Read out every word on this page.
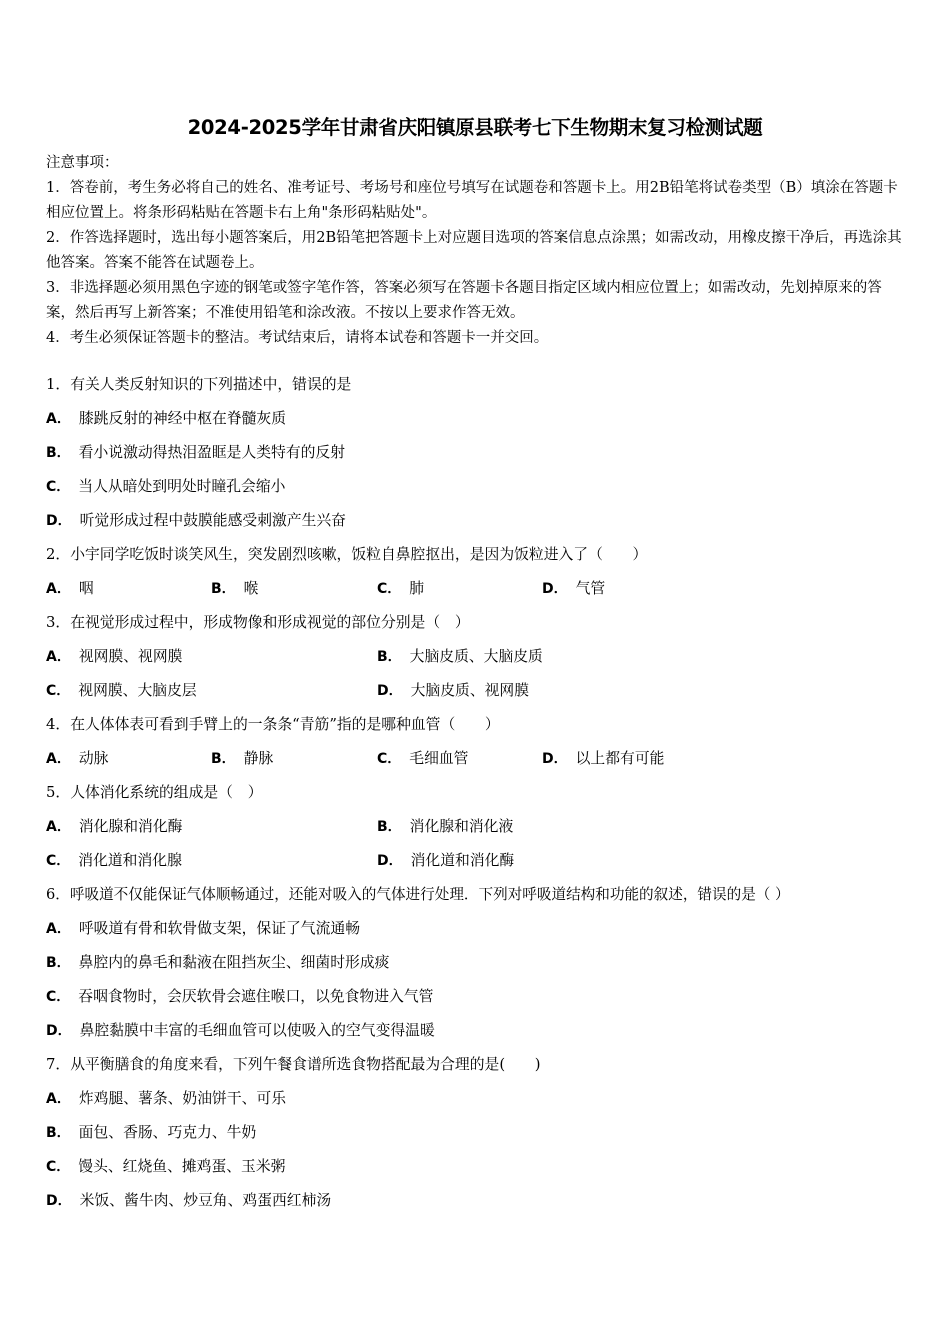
2024-2025学年甘肃省庆阳镇原县联考七下生物期末复习检测试题

注意事项：

1．答卷前，考生务必将自己的姓名、准考证号、考场号和座位号填写在试题卷和答题卡上。用2B铅笔将试卷类型（B）填涂在答题卡相应位置上。将条形码粘贴在答题卡右上角"条形码粘贴处"。

2．作答选择题时，选出每小题答案后，用2B铅笔把答题卡上对应题目选项的答案信息点涂黑；如需改动，用橡皮擦干净后，再选涂其他答案。答案不能答在试题卷上。

3．非选择题必须用黑色字迹的钢笔或签字笔作答，答案必须写在答题卡各题目指定区域内相应位置上；如需改动，先划掉原来的答案，然后再写上新答案；不准使用铅笔和涂改液。不按以上要求作答无效。

4．考生必须保证答题卡的整洁。考试结束后，请将本试卷和答题卡一并交回。

1．有关人类反射知识的下列描述中，错误的是
A． 膝跳反射的神经中枢在脊髓灰质
B． 看小说激动得热泪盈眶是人类特有的反射
C． 当人从暗处到明处时瞳孔会缩小
D． 听觉形成过程中鼓膜能感受刺激产生兴奋
2．小宇同学吃饭时谈笑风生，突发剧烈咳嗽，饭粒自鼻腔抠出，是因为饭粒进入了（　　）
A． 咽	B． 喉	C． 肺	D． 气管
3．在视觉形成过程中，形成物像和形成视觉的部位分别是（　）
A． 视网膜、视网膜	B． 大脑皮质、大脑皮质
C． 视网膜、大脑皮层	D． 大脑皮质、视网膜
4．在人体体表可看到手臂上的一条条“青筋”指的是哪种血管（　　）
A． 动脉	B． 静脉	C． 毛细血管	D． 以上都有可能
5．人体消化系统的组成是（　）
A． 消化腺和消化酶	B． 消化腺和消化液
C． 消化道和消化腺	D． 消化道和消化酶
6．呼吸道不仅能保证气体顺畅通过，还能对吸入的气体进行处理．下列对呼吸道结构和功能的叙述，错误的是（ ）
A． 呼吸道有骨和软骨做支架，保证了气流通畅
B． 鼻腔内的鼻毛和黏液在阻挡灰尘、细菌时形成痰
C． 吞咽食物时，会厌软骨会遮住喉口，以免食物进入气管
D． 鼻腔黏膜中丰富的毛细血管可以使吸入的空气变得温暖
7．从平衡膳食的角度来看，下列午餐食谱所选食物搭配最为合理的是(　　)
A． 炸鸡腿、薯条、奶油饼干、可乐
B． 面包、香肠、巧克力、牛奶
C． 馒头、红烧鱼、摊鸡蛋、玉米粥
D． 米饭、酱牛肉、炒豆角、鸡蛋西红柿汤
